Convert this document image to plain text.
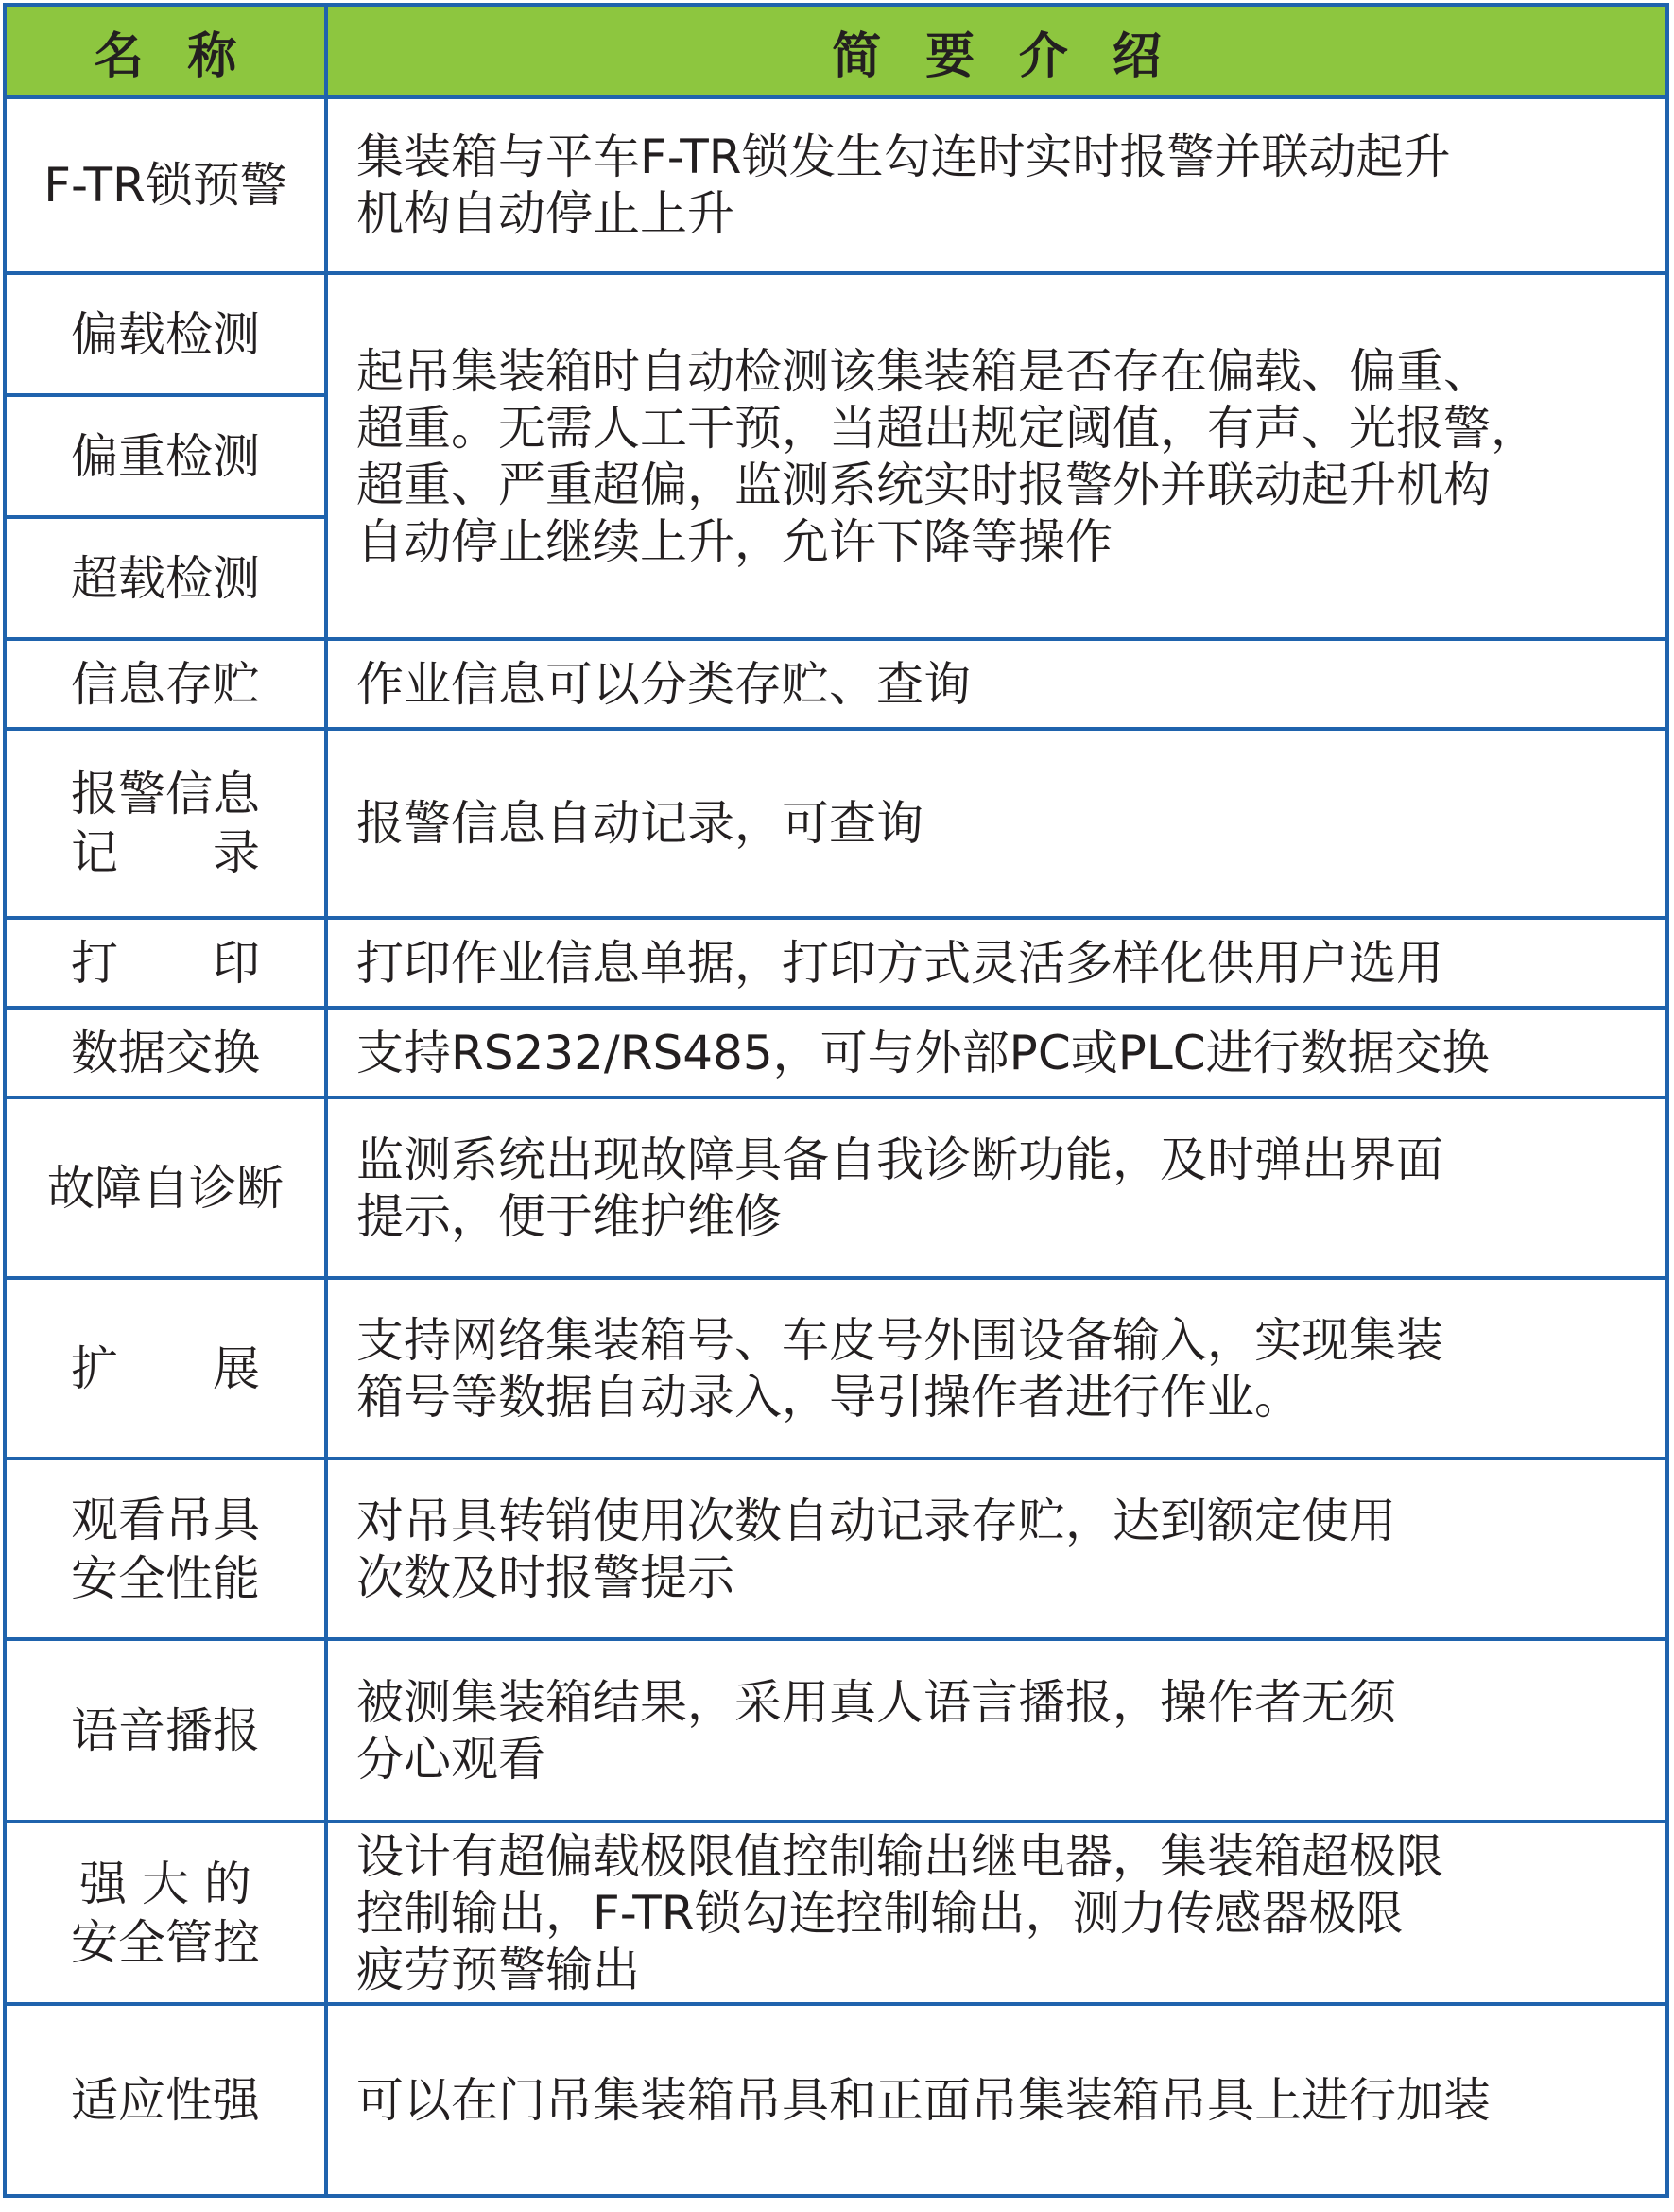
名称	简要介绍
F-TR锁预警	集装箱与平车F-TR锁发生勾连时实时报警并联动起升
机构自动停止上升
偏载检测	起吊集装箱时自动检测该集装箱是否存在偏载、偏重、
超重。无需人工干预，当超出规定阈值，有声、光报警，
超重、严重超偏，监测系统实时报警外并联动起升机构
自动停止继续上升，允许下降等操作
偏重检测	
超载检测	
信息存贮	作业信息可以分类存贮、查询
报警信息
记　　录	报警信息自动记录，可查询
打　　印	打印作业信息单据，打印方式灵活多样化供用户选用
数据交换	支持RS232/RS485，可与外部PC或PLC进行数据交换
故障自诊断	监测系统出现故障具备自我诊断功能，及时弹出界面
提示，便于维护维修
扩　　展	支持网络集装箱号、车皮号外围设备输入，实现集装
箱号等数据自动录入，导引操作者进行作业。
观看吊具
安全性能	对吊具转销使用次数自动记录存贮，达到额定使用
次数及时报警提示
语音播报	被测集装箱结果，采用真人语言播报，操作者无须
分心观看
强 大 的
安全管控	设计有超偏载极限值控制输出继电器，集装箱超极限
控制输出，F-TR锁勾连控制输出，测力传感器极限
疲劳预警输出
适应性强	可以在门吊集装箱吊具和正面吊集装箱吊具上进行加装
